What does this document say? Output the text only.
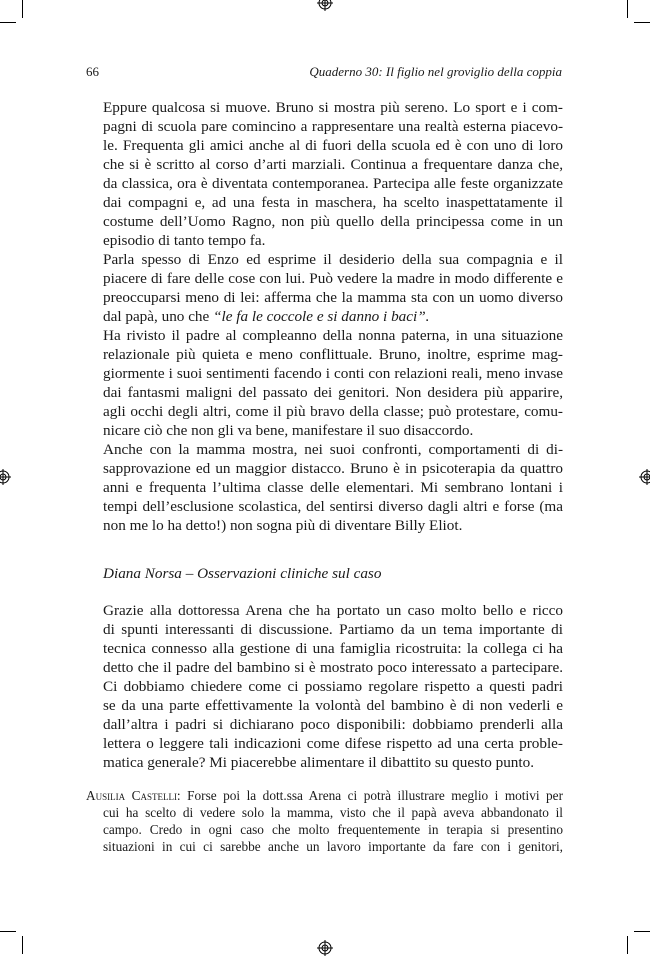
66	Quaderno 30: Il figlio nel groviglio della coppia

Eppure qualcosa si muove. Bruno si mostra più sereno. Lo sport e i com-
pagni di scuola pare comincino a rappresentare una realtà esterna piacevo-
le. Frequenta gli amici anche al di fuori della scuola ed è con uno di loro
che si è scritto al corso d’arti marziali. Continua a frequentare danza che,
da classica, ora è diventata contemporanea. Partecipa alle feste organizzate
dai compagni e, ad una festa in maschera, ha scelto inaspettatamente il
costume dell’Uomo Ragno, non più quello della principessa come in un
episodio di tanto tempo fa.

Parla spesso di Enzo ed esprime il desiderio della sua compagnia e il
piacere di fare delle cose con lui. Può vedere la madre in modo differente e
preoccuparsi meno di lei: afferma che la mamma sta con un uomo diverso
dal papà, uno che “le fa le coccole e si danno i baci”.

Ha rivisto il padre al compleanno della nonna paterna, in una situazione
relazionale più quieta e meno conflittuale. Bruno, inoltre, esprime mag-
giormente i suoi sentimenti facendo i conti con relazioni reali, meno invase
dai fantasmi maligni del passato dei genitori. Non desidera più apparire,
agli occhi degli altri, come il più bravo della classe; può protestare, comu-
nicare ciò che non gli va bene, manifestare il suo disaccordo.

Anche con la mamma mostra, nei suoi confronti, comportamenti di di-
sapprovazione ed un maggior distacco. Bruno è in psicoterapia da quattro
anni e frequenta l’ultima classe delle elementari. Mi sembrano lontani i
tempi dell’esclusione scolastica, del sentirsi diverso dagli altri e forse (ma
non me lo ha detto!) non sogna più di diventare Billy Eliot.

Diana Norsa – Osservazioni cliniche sul caso

Grazie alla dottoressa Arena che ha portato un caso molto bello e ricco
di spunti interessanti di discussione. Partiamo da un tema importante di
tecnica connesso alla gestione di una famiglia ricostruita: la collega ci ha
detto che il padre del bambino si è mostrato poco interessato a partecipare.
Ci dobbiamo chiedere come ci possiamo regolare rispetto a questi padri
se da una parte effettivamente la volontà del bambino è di non vederli e
dall’altra i padri si dichiarano poco disponibili: dobbiamo prenderli alla
lettera o leggere tali indicazioni come difese rispetto ad una certa proble-
matica generale? Mi piacerebbe alimentare il dibattito su questo punto.

Ausilia Castelli: Forse poi la dott.ssa Arena ci potrà illustrare meglio i motivi per
cui ha scelto di vedere solo la mamma, visto che il papà aveva abbandonato il
campo. Credo in ogni caso che molto frequentemente in terapia si presentino
situazioni in cui ci sarebbe anche un lavoro importante da fare con i genitori,
